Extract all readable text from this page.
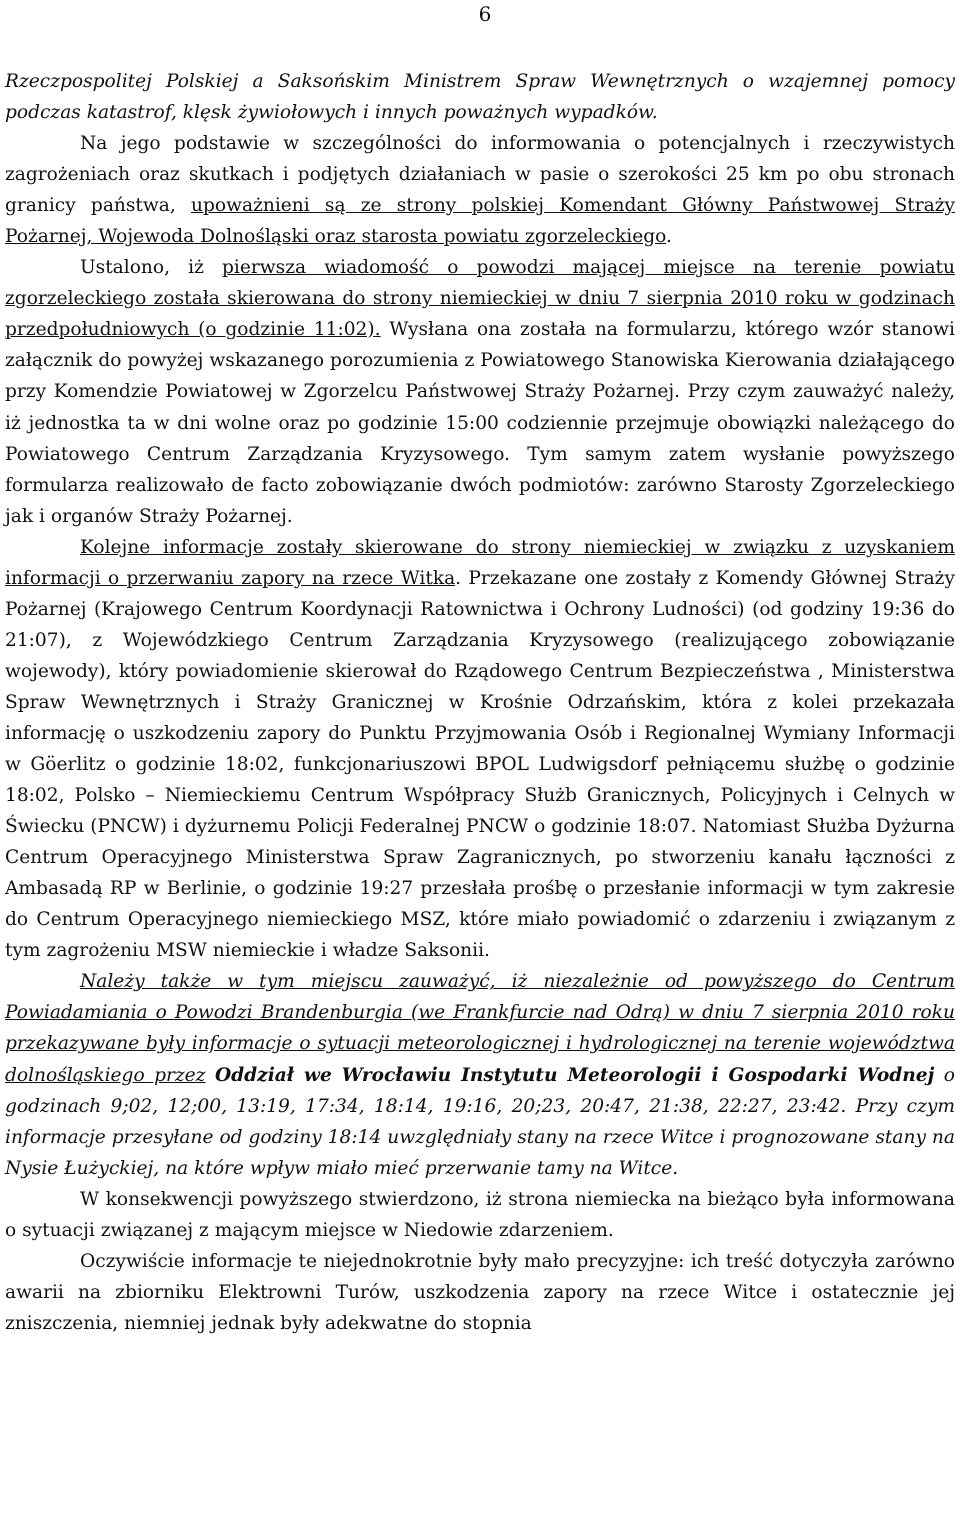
6

Rzeczpospolitej Polskiej a Saksońskim Ministrem Spraw Wewnętrznych o wzajemnej pomocy podczas katastrof, klęsk żywiołowych i innych poważnych wypadków.

Na jego podstawie w szczególności do informowania o potencjalnych i rzeczywistych zagrożeniach oraz skutkach i podjętych działaniach w pasie o szerokości 25 km po obu stronach granicy państwa, upoważnieni są ze strony polskiej Komendant Główny Państwowej Straży Pożarnej, Wojewoda Dolnośląski oraz starosta powiatu zgorzeleckiego.

Ustalono, iż pierwsza wiadomość o powodzi mającej miejsce na terenie powiatu zgorzeleckiego została skierowana do strony niemieckiej w dniu 7 sierpnia 2010 roku w godzinach przedpołudniowych (o godzinie 11:02). Wysłana ona została na formularzu, którego wzór stanowi załącznik do powyżej wskazanego porozumienia z Powiatowego Stanowiska Kierowania działającego przy Komendzie Powiatowej w Zgorzelcu Państwowej Straży Pożarnej. Przy czym zauważyć należy, iż jednostka ta w dni wolne oraz po godzinie 15:00 codziennie przejmuje obowiązki należącego do Powiatowego Centrum Zarządzania Kryzysowego. Tym samym zatem wysłanie powyższego formularza realizowało de facto zobowiązanie dwóch podmiotów: zarówno Starosty Zgorzeleckiego jak i organów Straży Pożarnej.

Kolejne informacje zostały skierowane do strony niemieckiej w związku z uzyskaniem informacji o przerwaniu zapory na rzece Witka. Przekazane one zostały z Komendy Głównej Straży Pożarnej (Krajowego Centrum Koordynacji Ratownictwa i Ochrony Ludności) (od godziny 19:36 do 21:07), z Wojewódzkiego Centrum Zarządzania Kryzysowego (realizującego zobowiązanie wojewody), który powiadomienie skierował do Rządowego Centrum Bezpieczeństwa , Ministerstwa Spraw Wewnętrznych i Straży Granicznej w Krośnie Odrzańskim, która z kolei przekazała informację o uszkodzeniu zapory do Punktu Przyjmowania Osób i Regionalnej Wymiany Informacji w Göerlitz o godzinie 18:02, funkcjonariuszowi BPOL Ludwigsdorf pełniącemu służbę o godzinie 18:02, Polsko – Niemieckiemu Centrum Współpracy Służb Granicznych, Policyjnych i Celnych w Świecku (PNCW) i dyżurnemu Policji Federalnej PNCW o godzinie 18:07. Natomiast Służba Dyżurna Centrum Operacyjnego Ministerstwa Spraw Zagranicznych, po stworzeniu kanału łączności z Ambasadą RP w Berlinie, o godzinie 19:27 przesłała prośbę o przesłanie informacji w tym zakresie do Centrum Operacyjnego niemieckiego MSZ, które miało powiadomić o zdarzeniu i związanym z tym zagrożeniu MSW niemieckie i władze Saksonii.

Należy także w tym miejscu zauważyć, iż niezależnie od powyższego do Centrum Powiadamiania o Powodzi Brandenburgia (we Frankfurcie nad Odrą) w dniu 7 sierpnia 2010 roku przekazywane były informacje o sytuacji meteorologicznej i hydrologicznej na terenie województwa dolnośląskiego przez Oddział we Wrocławiu Instytutu Meteorologii i Gospodarki Wodnej o godzinach 9;02, 12;00, 13:19, 17:34, 18:14, 19:16, 20;23, 20:47, 21:38, 22:27, 23:42. Przy czym informacje przesyłane od godziny 18:14 uwzględniały stany na rzece Witce i prognozowane stany na Nysie Łużyckiej, na które wpływ miało mieć przerwanie tamy na Witce.

W konsekwencji powyższego stwierdzono, iż strona niemiecka na bieżąco była informowana o sytuacji związanej z mającym miejsce w Niedowie zdarzeniem.

Oczywiście informacje te niejednokrotnie były mało precyzyjne: ich treść dotyczyła zarówno awarii na zbiorniku Elektrowni Turów, uszkodzenia zapory na rzece Witce i ostatecznie jej zniszczenia, niemniej jednak były adekwatne do stopnia
